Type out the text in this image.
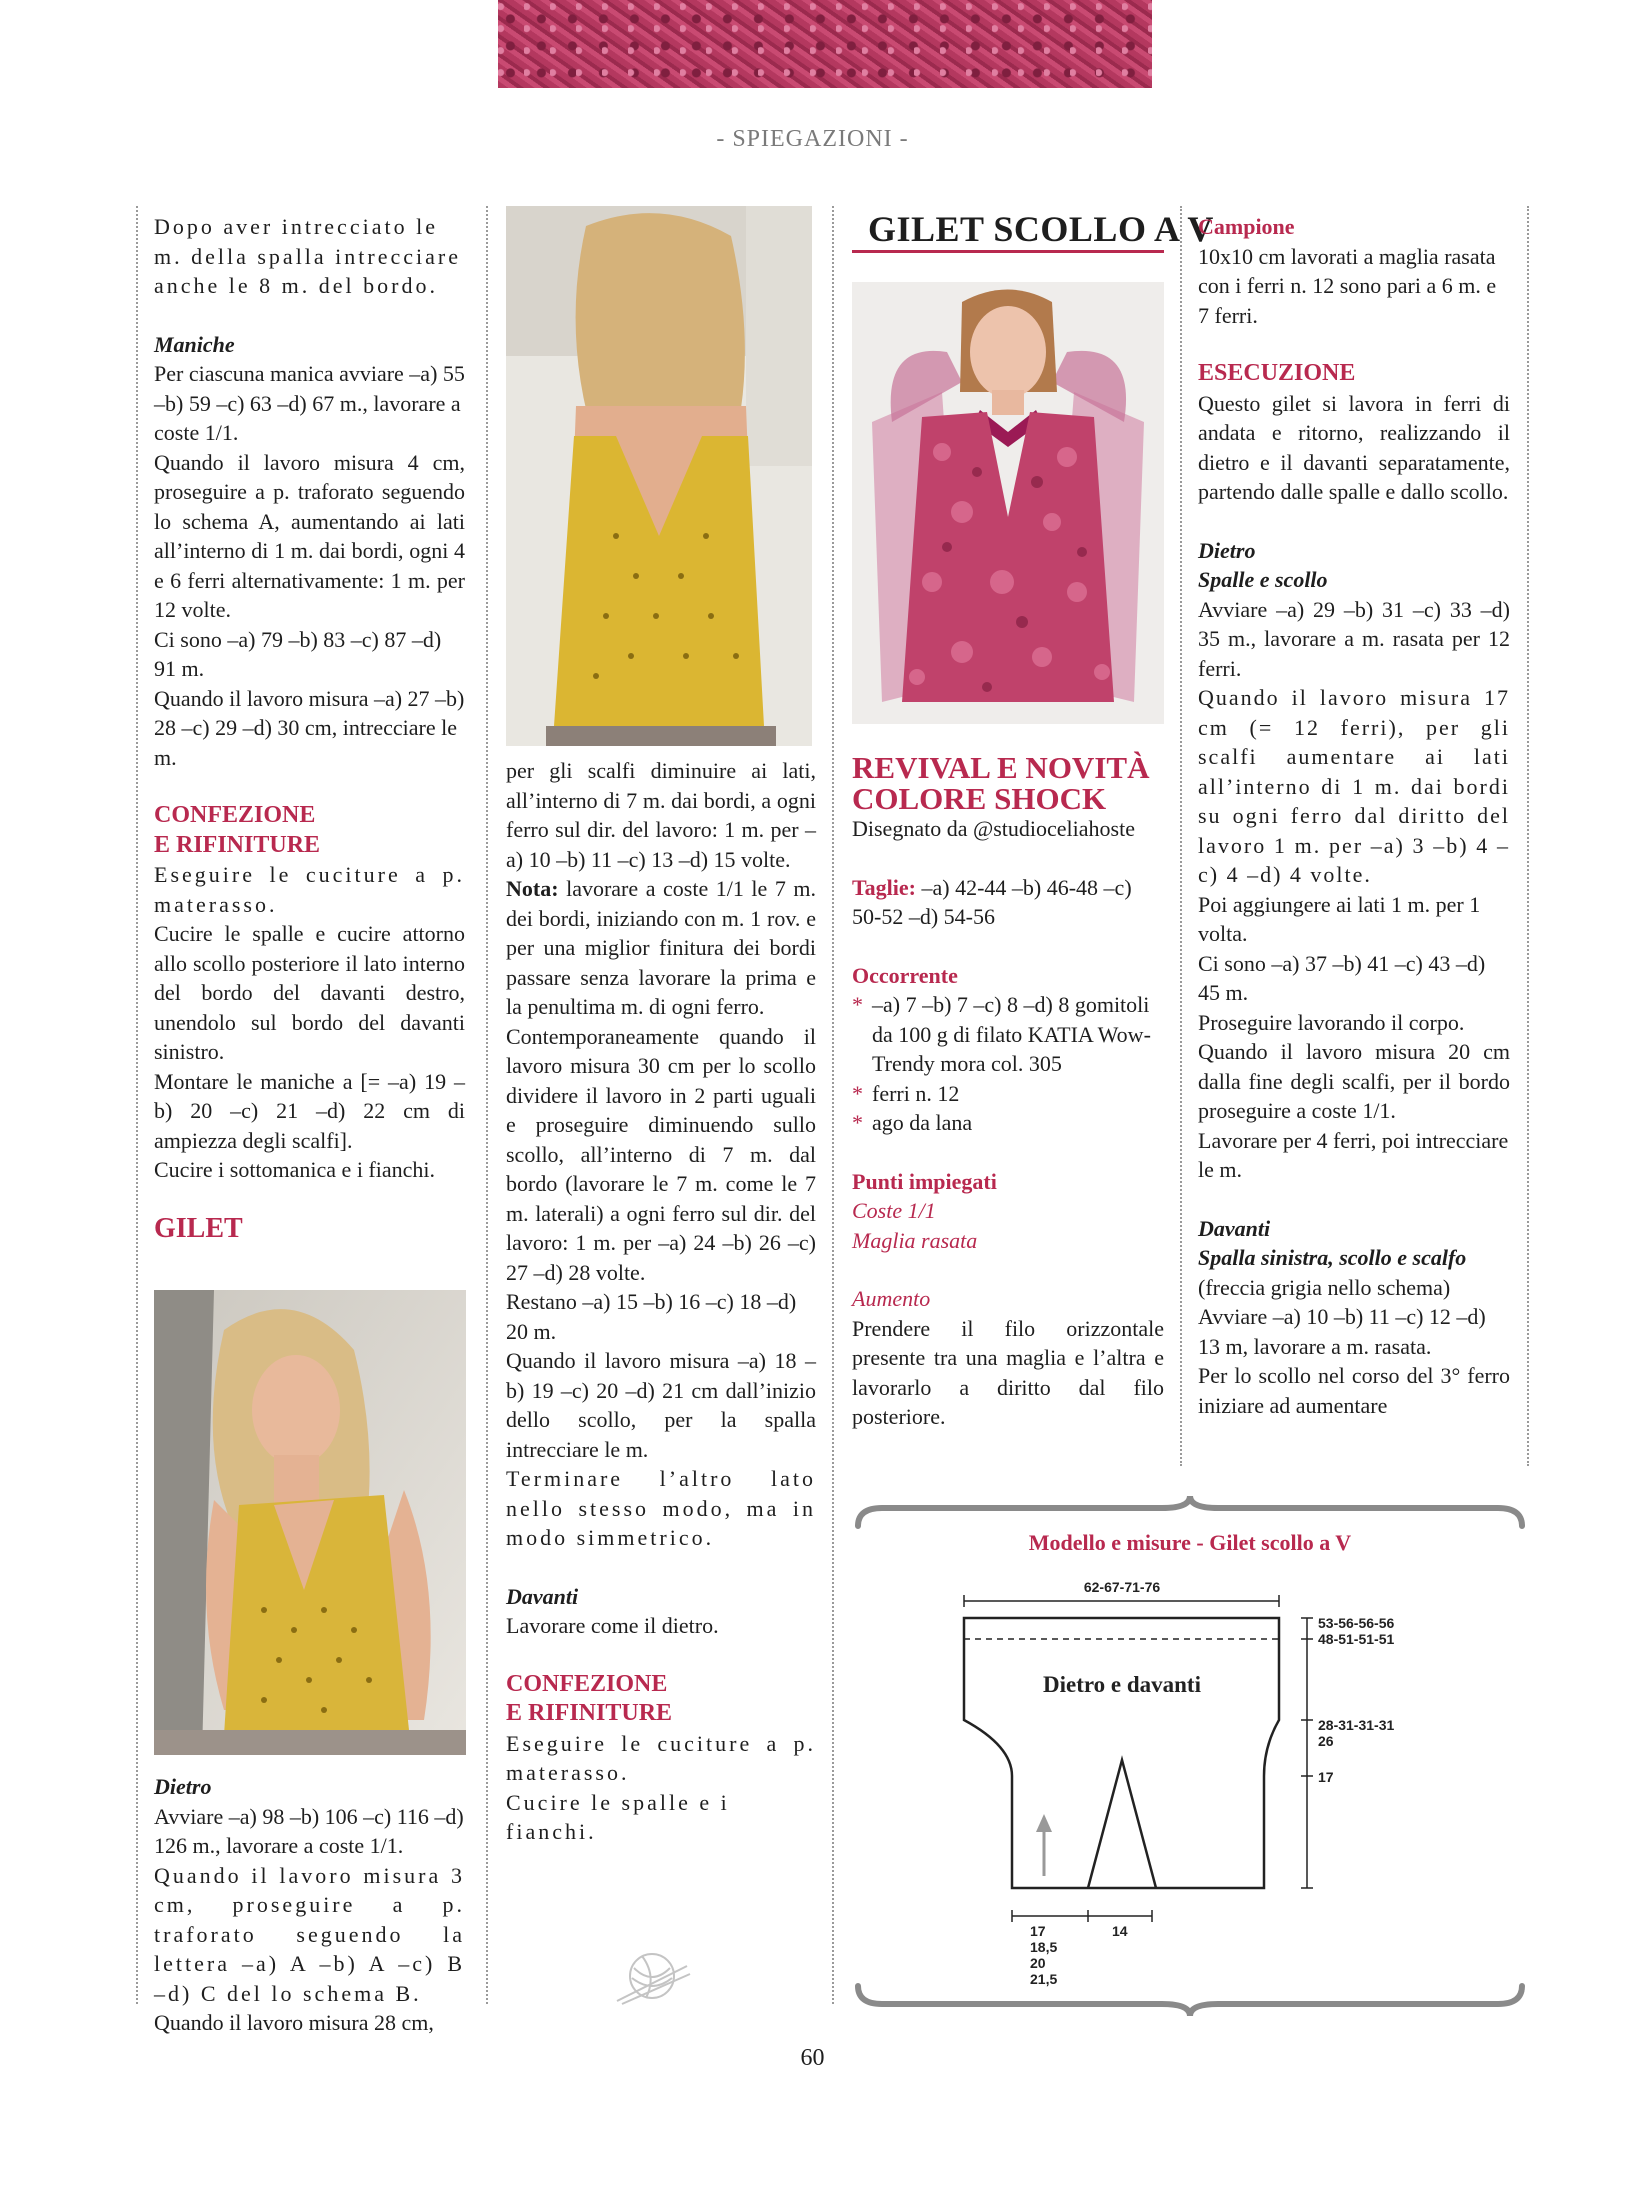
- SPIEGAZIONI -

Dopo aver intrecciato le m. della spalla intrecciare anche le 8 m. del bordo.

Maniche

Per ciascuna manica avviare –a) 55 –b) 59 –c) 63 –d) 67 m., lavorare a coste 1/1.

Quando il lavoro misura 4 cm, proseguire a p. traforato seguendo lo schema A, aumentando ai lati all’interno di 1 m. dai bordi, ogni 4 e 6 ferri alternativamente: 1 m. per 12 volte.

Ci sono –a) 79 –b) 83 –c) 87 –d) 91 m.

Quando il lavoro misura –a) 27 –b) 28 –c) 29 –d) 30 cm, intrecciare le m.

CONFEZIONE

E RIFINITURE

Eseguire le cuciture a p. materasso.

Cucire le spalle e cucire attorno allo scollo posteriore il lato interno del bordo del davanti destro, unendolo sul bordo del davanti sinistro.

Montare le maniche a [= –a) 19 –b) 20 –c) 21 –d) 22 cm di ampiezza degli scalfi].

Cucire i sottomanica e i fianchi.

GILET

Dietro

Avviare –a) 98 –b) 106 –c) 116 –d) 126 m., lavorare a coste 1/1.

Quando il lavoro misura 3 cm, proseguire a p. traforato seguendo la lettera –a) A –b) A –c) B –d) C del lo schema B.

Quando il lavoro misura 28 cm,

per gli scalfi diminuire ai lati, all’interno di 7 m. dai bordi, a ogni ferro sul dir. del lavoro: 1 m. per –a) 10 –b) 11 –c) 13 –d) 15 volte.

Nota: lavorare a coste 1/1 le 7 m. dei bordi, iniziando con m. 1 rov. e per una miglior finitura dei bordi passare senza lavorare la prima e la penultima m. di ogni ferro.

Contemporaneamente quando il lavoro misura 30 cm per lo scollo dividere il lavoro in 2 parti uguali e proseguire diminuendo sullo scollo, all’interno di 7 m. dal bordo (lavorare le 7 m. come le 7 m. laterali) a ogni ferro sul dir. del lavoro: 1 m. per –a) 24 –b) 26 –c) 27 –d) 28 volte.

Restano –a) 15 –b) 16 –c) 18 –d) 20 m.

Quando il lavoro misura –a) 18 –b) 19 –c) 20 –d) 21 cm dall’inizio dello scollo, per la spalla intrecciare le m.

Terminare l’altro lato nello stesso modo, ma in modo simmetrico.

Davanti

Lavorare come il dietro.

CONFEZIONE

E RIFINITURE

Eseguire le cuciture a p. materasso.

Cucire le spalle e i fianchi.

GILET SCOLLO A V

REVIVAL E NOVITÀ

COLORE SHOCK

Disegnato da @studioceliahoste

Taglie: –a) 42-44 –b) 46-48 –c) 50-52 –d) 54-56

Occorrente

* –a) 7 –b) 7 –c) 8 –d) 8 gomitoli da 100 g di filato KATIA Wow-Trendy mora col. 305
* ferri n. 12
* ago da lana

Punti impiegati

Coste 1/1

Maglia rasata

Aumento

Prendere il filo orizzontale presente tra una maglia e l’altra e lavorarlo a diritto dal filo posteriore.

Campione

10x10 cm lavorati a maglia rasata con i ferri n. 12 sono pari a 6 m. e 7 ferri.

ESECUZIONE

Questo gilet si lavora in ferri di andata e ritorno, realizzando il dietro e il davanti separatamente, partendo dalle spalle e dallo scollo.

Dietro

Spalle e scollo

Avviare –a) 29 –b) 31 –c) 33 –d) 35 m., lavorare a m. rasata per 12 ferri.

Quando il lavoro misura 17 cm (= 12 ferri), per gli scalfi aumentare ai lati all’interno di 1 m. dai bordi su ogni ferro dal diritto del lavoro 1 m. per –a) 3 –b) 4 –c) 4 –d) 4 volte.

Poi aggiungere ai lati 1 m. per 1 volta.

Ci sono –a) 37 –b) 41 –c) 43 –d) 45 m.

Proseguire lavorando il corpo.

Quando il lavoro misura 20 cm dalla fine degli scalfi, per il bordo proseguire a coste 1/1.

Lavorare per 4 ferri, poi intrecciare le m.

Davanti

Spalla sinistra, scollo e scalfo

(freccia grigia nello schema)

Avviare –a) 10 –b) 11 –c) 12 –d) 13 m, lavorare a m. rasata.

Per lo scollo nel corso del 3° ferro iniziare ad aumentare

Modello e misure - Gilet scollo a V
62-67-71-76
Dietro e davanti
53-56-56-56
48-51-51-51
28-31-31-31
26
17
17
18,5
20
21,5
14
60
